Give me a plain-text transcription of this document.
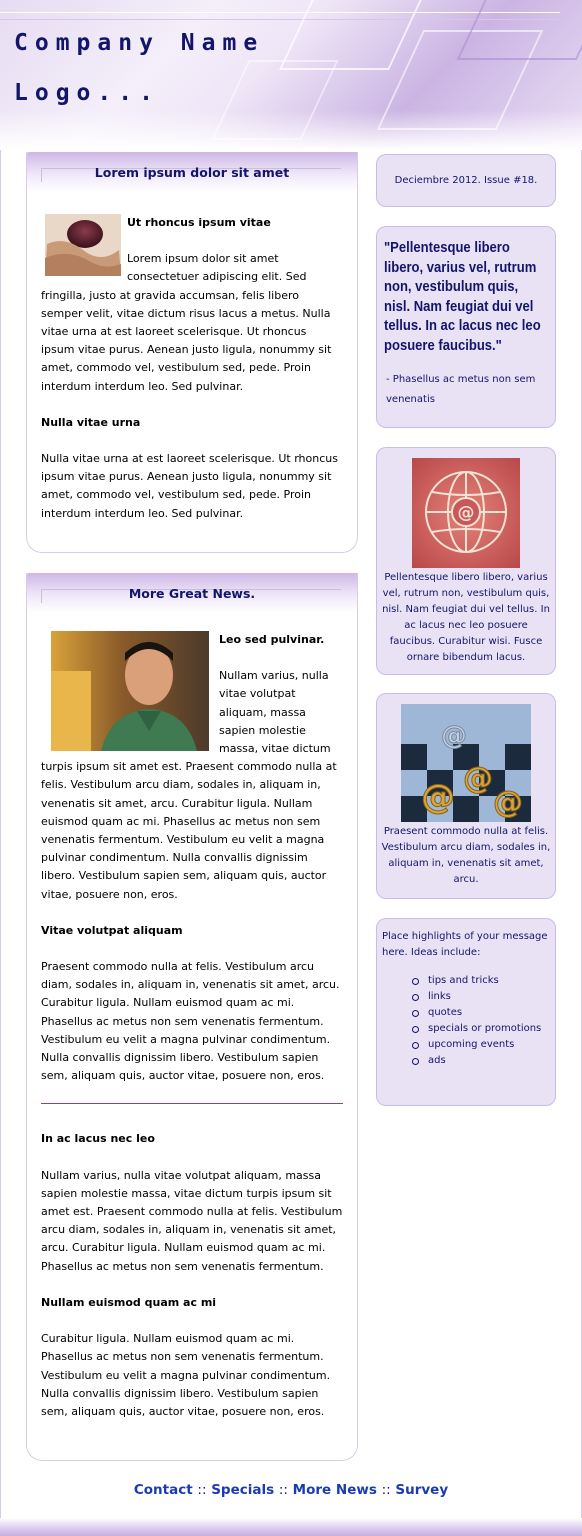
Company Name
Logo...
Lorem ipsum dolor sit amet

Ut rhoncus ipsum vitae

Lorem ipsum dolor sit amet consectetuer adipiscing elit. Sed fringilla, justo at gravida accumsan, felis libero semper velit, vitae dictum risus lacus a metus. Nulla vitae urna at est laoreet scelerisque. Ut rhoncus ipsum vitae purus. Aenean justo ligula, nonummy sit amet, commodo vel, vestibulum sed, pede. Proin interdum interdum leo. Sed pulvinar.

Nulla vitae urna

Nulla vitae urna at est laoreet scelerisque. Ut rhoncus ipsum vitae purus. Aenean justo ligula, nonummy sit amet, commodo vel, vestibulum sed, pede. Proin interdum interdum leo. Sed pulvinar.

More Great News.

Leo sed pulvinar.

Nullam varius, nulla vitae volutpat aliquam, massa sapien molestie massa, vitae dictum turpis ipsum sit amet est. Praesent commodo nulla at felis. Vestibulum arcu diam, sodales in, aliquam in, venenatis sit amet, arcu. Curabitur ligula. Nullam euismod quam ac mi. Phasellus ac metus non sem venenatis fermentum. Vestibulum eu velit a magna pulvinar condimentum. Nulla convallis dignissim libero. Vestibulum sapien sem, aliquam quis, auctor vitae, posuere non, eros.

Vitae volutpat aliquam

Praesent commodo nulla at felis. Vestibulum arcu diam, sodales in, aliquam in, venenatis sit amet, arcu. Curabitur ligula. Nullam euismod quam ac mi. Phasellus ac metus non sem venenatis fermentum. Vestibulum eu velit a magna pulvinar condimentum. Nulla convallis dignissim libero. Vestibulum sapien sem, aliquam quis, auctor vitae, posuere non, eros.

In ac lacus nec leo

Nullam varius, nulla vitae volutpat aliquam, massa sapien molestie massa, vitae dictum turpis ipsum sit amet est. Praesent commodo nulla at felis. Vestibulum arcu diam, sodales in, aliquam in, venenatis sit amet, arcu. Curabitur ligula. Nullam euismod quam ac mi. Phasellus ac metus non sem venenatis fermentum.

Nullam euismod quam ac mi

Curabitur ligula. Nullam euismod quam ac mi. Phasellus ac metus non sem venenatis fermentum. Vestibulum eu velit a magna pulvinar condimentum. Nulla convallis dignissim libero. Vestibulum sapien sem, aliquam quis, auctor vitae, posuere non, eros.

Deciembre 2012. Issue #18.
"Pellentesque libero
libero, varius vel, rutrum
non, vestibulum quis,
nisl. Nam feugiat dui vel
tellus. In ac lacus nec leo
posuere faucibus."
- Phasellus ac metus non sem venenatis
@
Pellentesque libero libero, varius vel, rutrum non, vestibulum quis, nisl. Nam feugiat dui vel tellus. In ac lacus nec leo posuere faucibus. Curabitur wisi. Fusce ornare bibendum lacus.
@ @
@
@
Praesent commodo nulla at felis. Vestibulum arcu diam, sodales in, aliquam in, venenatis sit amet, arcu.
Place highlights of your message here. Ideas include:
tips and tricks
links
quotes
specials or promotions
upcoming events
ads
Contact :: Specials :: More News :: Survey
